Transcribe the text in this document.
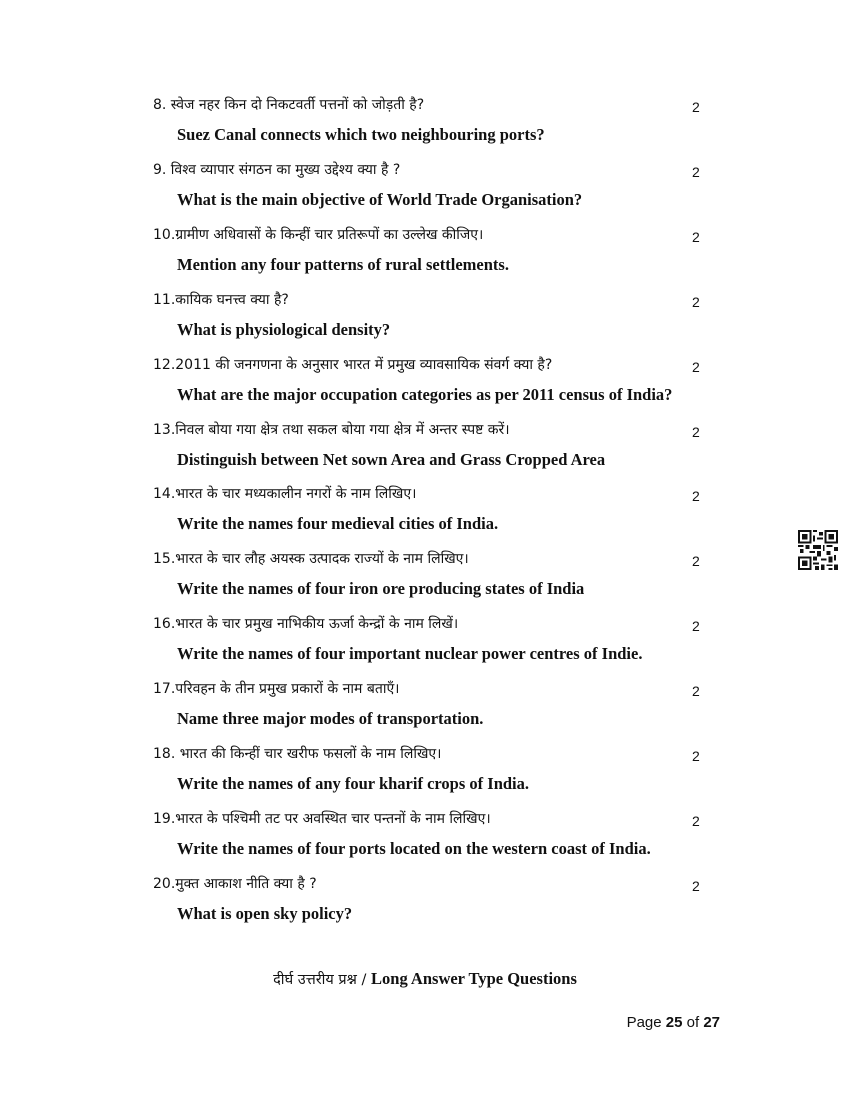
8. स्वेज नहर किन दो निकटवर्ती पत्तनों को जोड़ती है?	2
Suez Canal connects which two neighbouring ports?
9. विश्व व्यापार संगठन का मुख्य उद्देश्य क्या है ?	2
What is the main objective of World Trade Organisation?
10.ग्रामीण अधिवासों के किन्हीं चार प्रतिरूपों का उल्लेख कीजिए।	2
Mention any four patterns of rural settlements.
11.कायिक घनत्त्व क्या है?	2
What is physiological density?
12.2011 की जनगणना के अनुसार भारत में प्रमुख व्यावसायिक संवर्ग क्या है?	2
What are the major occupation categories as per 2011 census of India?
13.निवल बोया गया क्षेत्र तथा सकल बोया गया क्षेत्र में अन्तर स्पष्ट करें।	2
Distinguish between Net sown Area and Grass Cropped Area
14.भारत के चार मध्यकालीन नगरों के नाम लिखिए।	2
Write the names four medieval cities of India.
15.भारत के चार लौह अयस्क उत्पादक राज्यों के नाम लिखिए।	2
Write the names of four iron ore producing states of India
16.भारत के चार प्रमुख नाभिकीय ऊर्जा केन्द्रों के नाम लिखें।	2
Write the names of four important nuclear power centres of Indie.
17.परिवहन के तीन प्रमुख प्रकारों के नाम बताएँ।	2
Name three major modes of transportation.
18. भारत की किन्हीं चार खरीफ फसलों के नाम लिखिए।	2
Write the names of any four kharif crops of India.
19.भारत के पश्चिमी तट पर अवस्थित चार पन्तनों के नाम लिखिए।	2
Write the names of four ports located on the western coast of India.
20.मुक्त आकाश नीति क्या है ?	2
What is open sky policy?
दीर्घ उत्तरीय प्रश्न / Long Answer Type Questions
Page 25 of 27
